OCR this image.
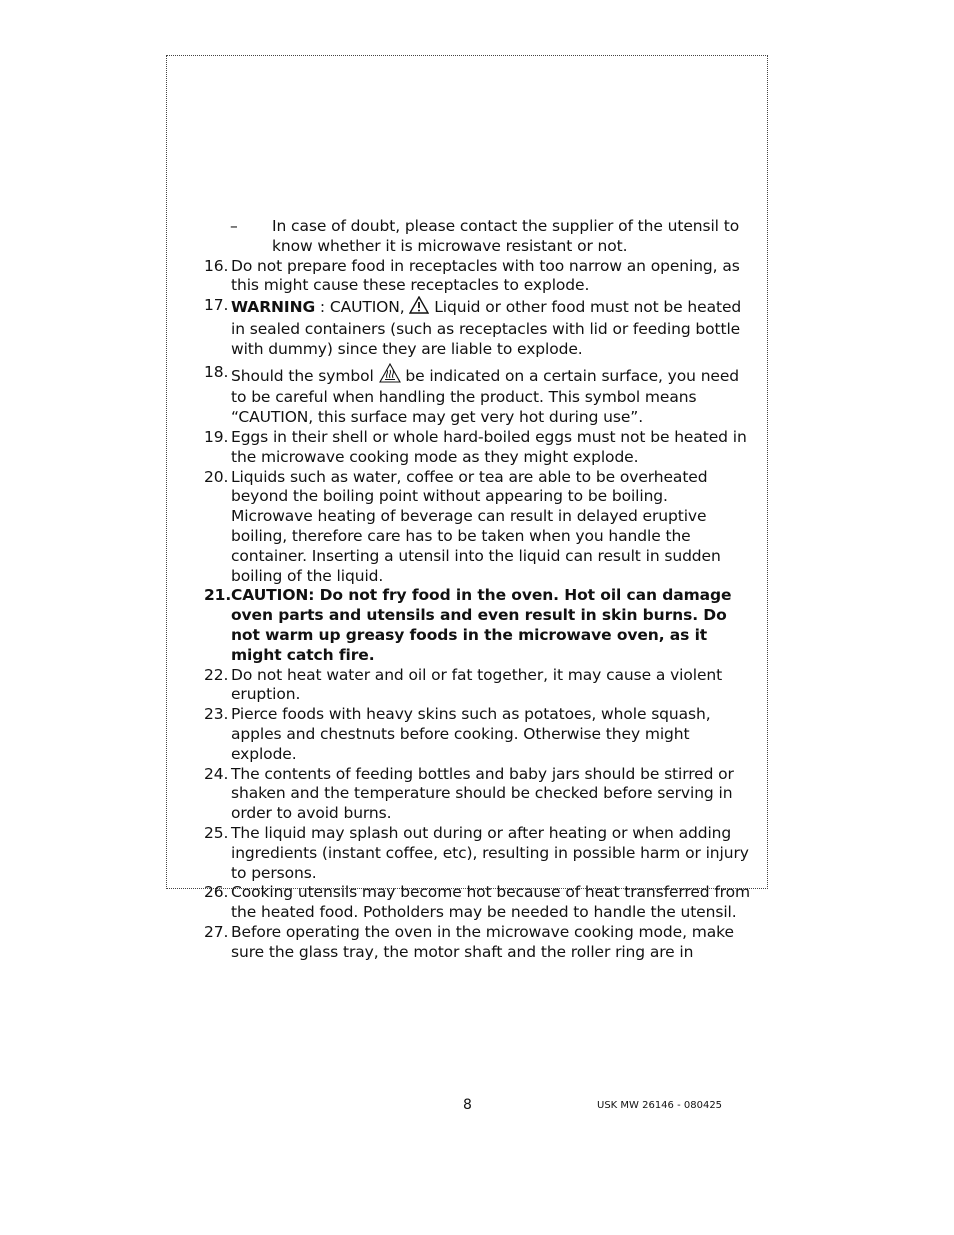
–	In case of doubt, please contact the supplier of the utensil to know whether it is microwave resistant or not.
16. Do not prepare food in receptacles with too narrow an opening, as this might cause these receptacles to explode.
17. WARNING : CAUTION,  Liquid or other food must not be heated in sealed containers (such as receptacles with lid or feeding bottle with dummy) since they are liable to explode.
18. Should the symbol  be indicated on a certain surface, you need to be careful when handling the product. This symbol means “CAUTION, this surface may get very hot during use”.
19. Eggs in their shell or whole hard-boiled eggs must not be heated in the microwave cooking mode as they might explode.
20. Liquids such as water, coffee or tea are able to be overheated beyond the boiling point without appearing to be boiling. Microwave heating of beverage can result in delayed eruptive boiling, therefore care has to be taken when you handle the container. Inserting a utensil into the liquid can result in sudden boiling of the liquid.
21. CAUTION: Do not fry food in the oven. Hot oil can damage oven parts and utensils and even result in skin burns. Do not warm up greasy foods in the microwave oven, as it might catch fire.
22. Do not heat water and oil or fat together, it may cause a violent eruption.
23. Pierce foods with heavy skins such as potatoes, whole squash, apples and chestnuts before cooking. Otherwise they might explode.
24. The contents of feeding bottles and baby jars should be stirred or shaken and the temperature should be checked before serving in order to avoid burns.
25. The liquid may splash out during or after heating or when adding ingredients (instant coffee, etc), resulting in possible harm or injury to persons.
26. Cooking utensils may become hot because of heat transferred from the heated food. Potholders may be needed to handle the utensil.
27. Before operating the oven in the microwave cooking mode, make sure the glass tray, the motor shaft and the roller ring are in
8	USK MW 26146 - 080425
